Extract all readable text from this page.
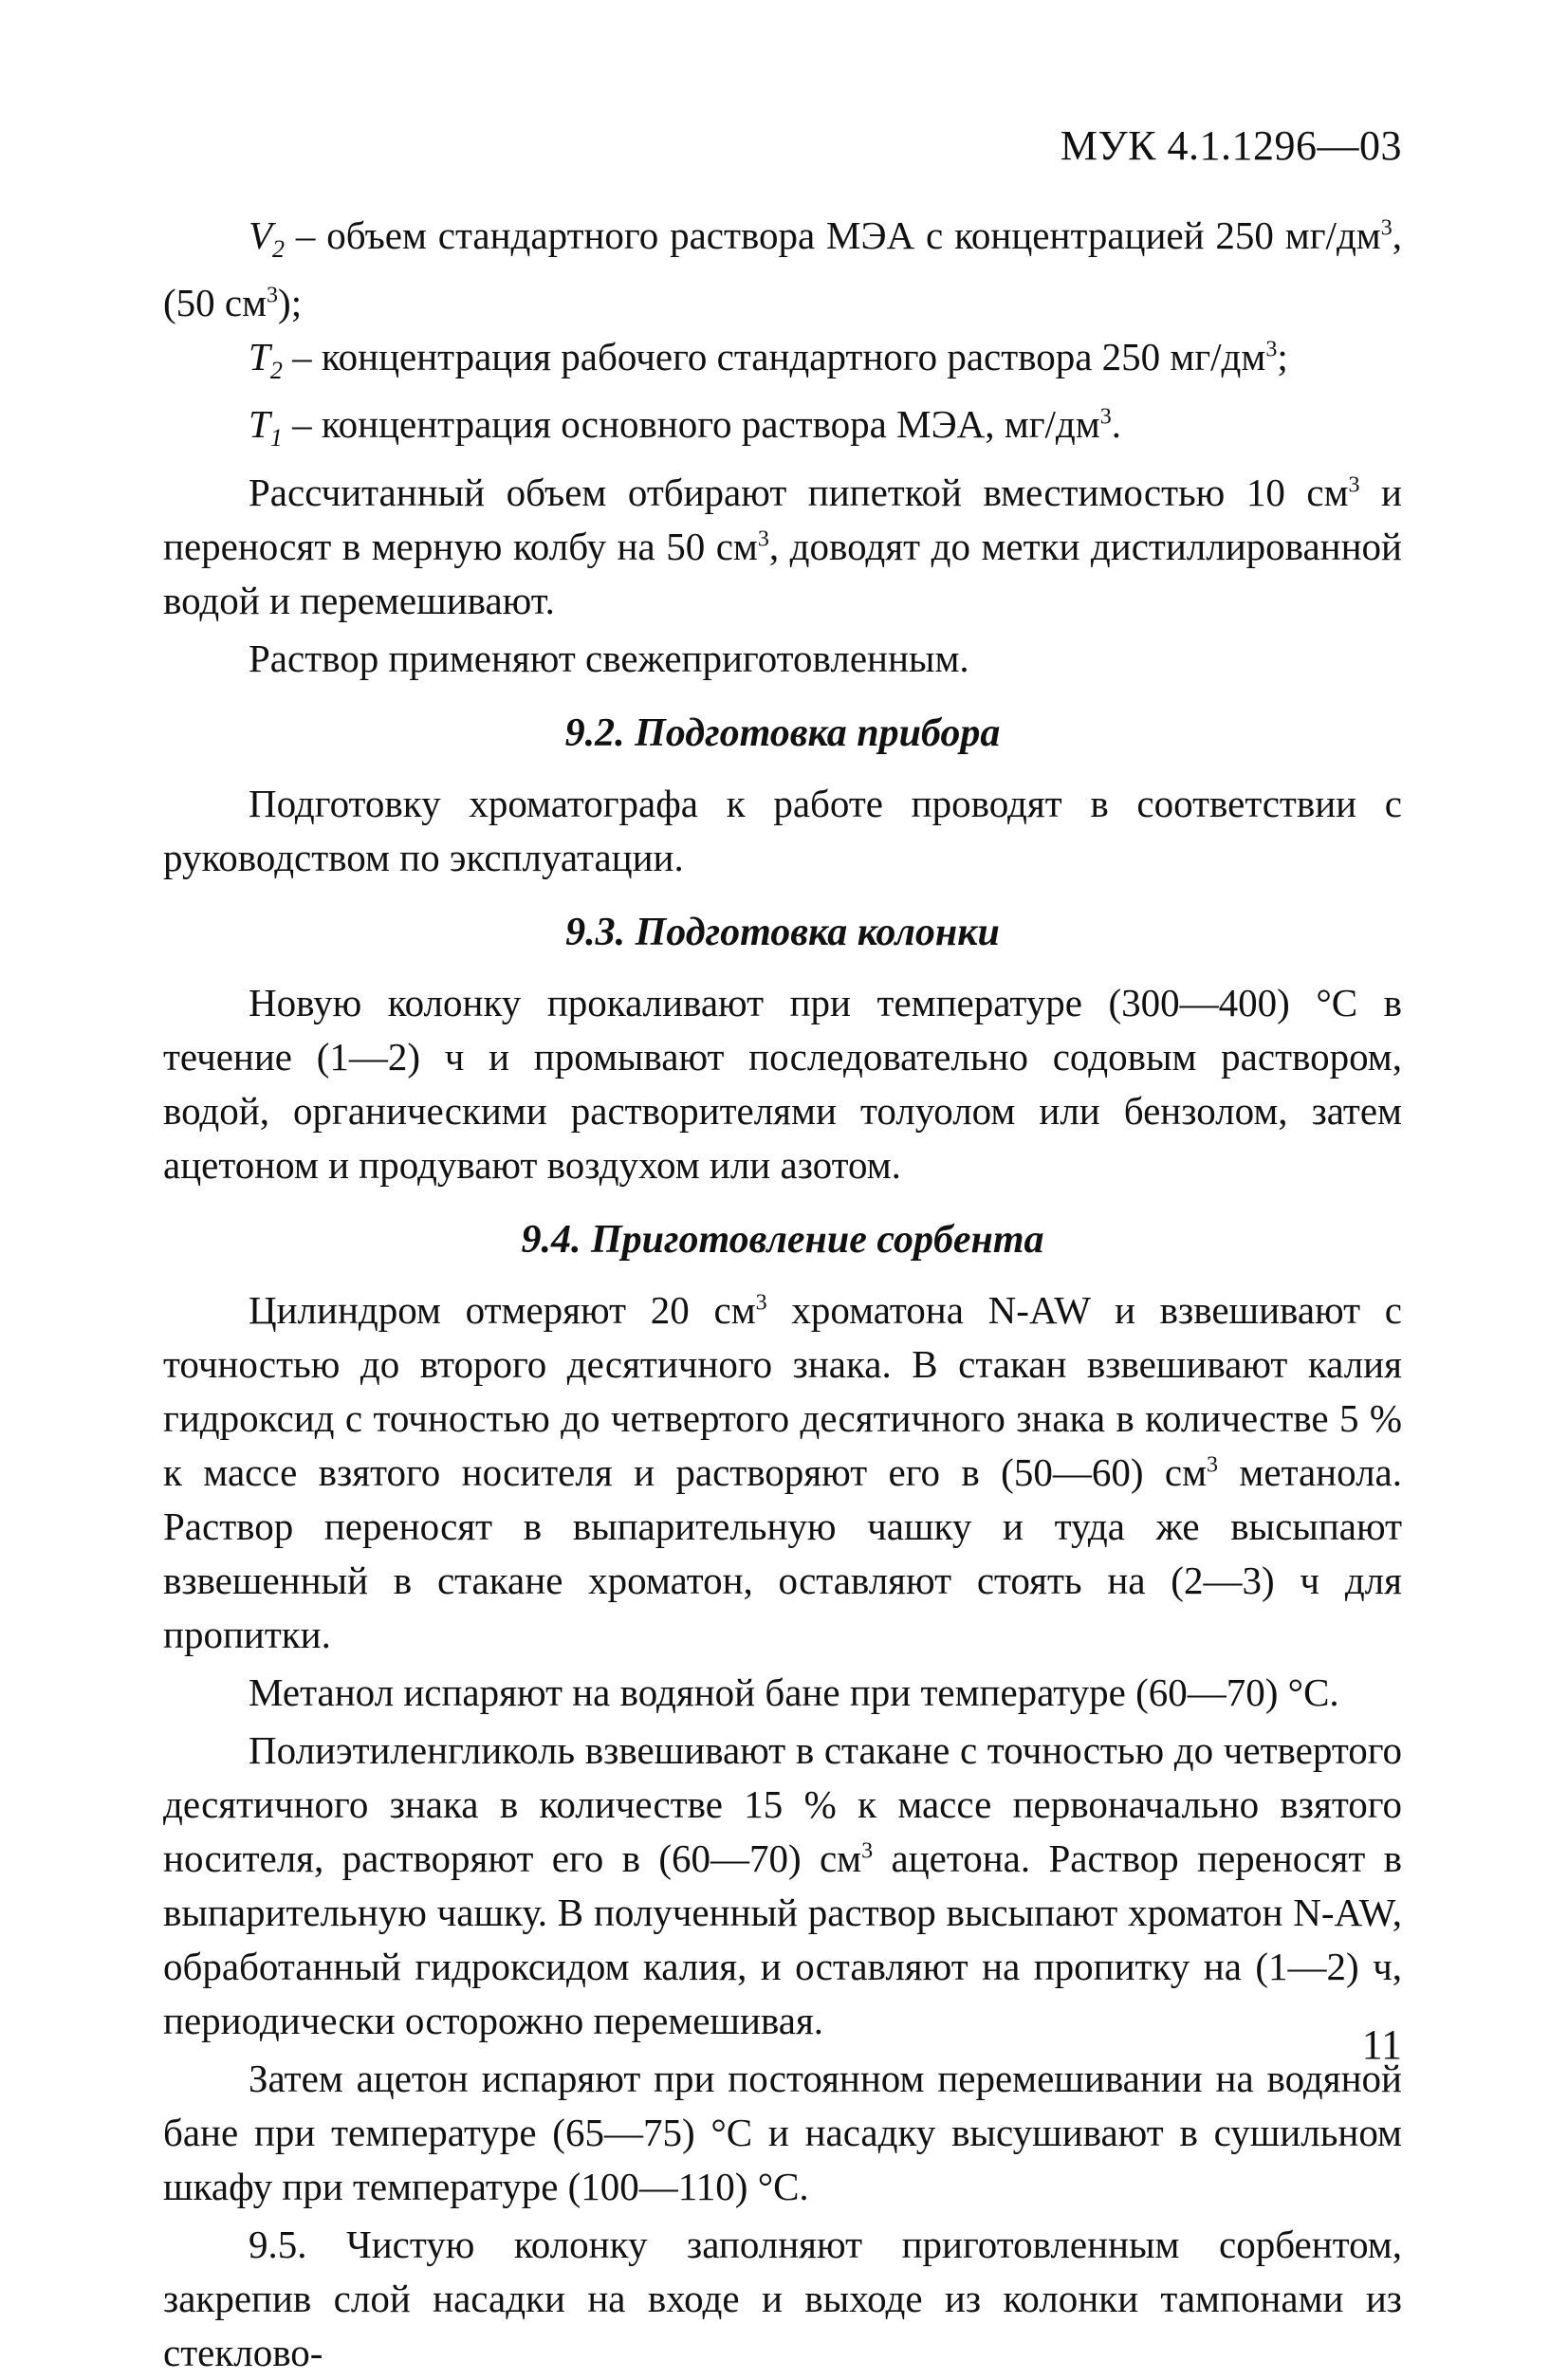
МУК 4.1.1296—03

$V_2$ – объем стандартного раствора МЭА с концентрацией 250 $мг/дм^3$, (50 $см^3$);

$T_2$ – концентрация рабочего стандартного раствора 250 $мг/дм^3$;

$T_1$ – концентрация основного раствора МЭА, $мг/дм^3$.

Рассчитанный объем отбирают пипеткой вместимостью 10 $см^3$ и переносят в мерную колбу на 50 $см^3$, доводят до метки дистиллированной водой и перемешивают.

Раствор применяют свежеприготовленным.

9.2. Подготовка прибора

Подготовку хроматографа к работе проводят в соответствии с руководством по эксплуатации.

9.3. Подготовка колонки

Новую колонку прокаливают при температуре (300—400) °С в течение (1—2) ч и промывают последовательно содовым раствором, водой, органическими растворителями толуолом или бензолом, затем ацетоном и продувают воздухом или азотом.

9.4. Приготовление сорбента

Цилиндром отмеряют 20 $см^3$ хроматона N-AW и взвешивают с точностью до второго десятичного знака. В стакан взвешивают калия гидроксид с точностью до четвертого десятичного знака в количестве 5 % к массе взятого носителя и растворяют его в (50—60) $см^3$ метанола. Раствор переносят в выпарительную чашку и туда же высыпают взвешенный в стакане хроматон, оставляют стоять на (2—3) ч для пропитки.

Метанол испаряют на водяной бане при температуре (60—70) °С.

Полиэтиленгликоль взвешивают в стакане с точностью до четвертого десятичного знака в количестве 15 % к массе первоначально взятого носителя, растворяют его в (60—70) $см^3$ ацетона. Раствор переносят в выпарительную чашку. В полученный раствор высыпают хроматон N-AW, обработанный гидроксидом калия, и оставляют на пропитку на (1—2) ч, периодически осторожно перемешивая.

Затем ацетон испаряют при постоянном перемешивании на водяной бане при температуре (65—75) °С и насадку высушивают в сушильном шкафу при температуре (100—110) °С.

9.5. Чистую колонку заполняют приготовленным сорбентом, закрепив слой насадки на входе и выходе из колонки тампонами из стеклово-

11
